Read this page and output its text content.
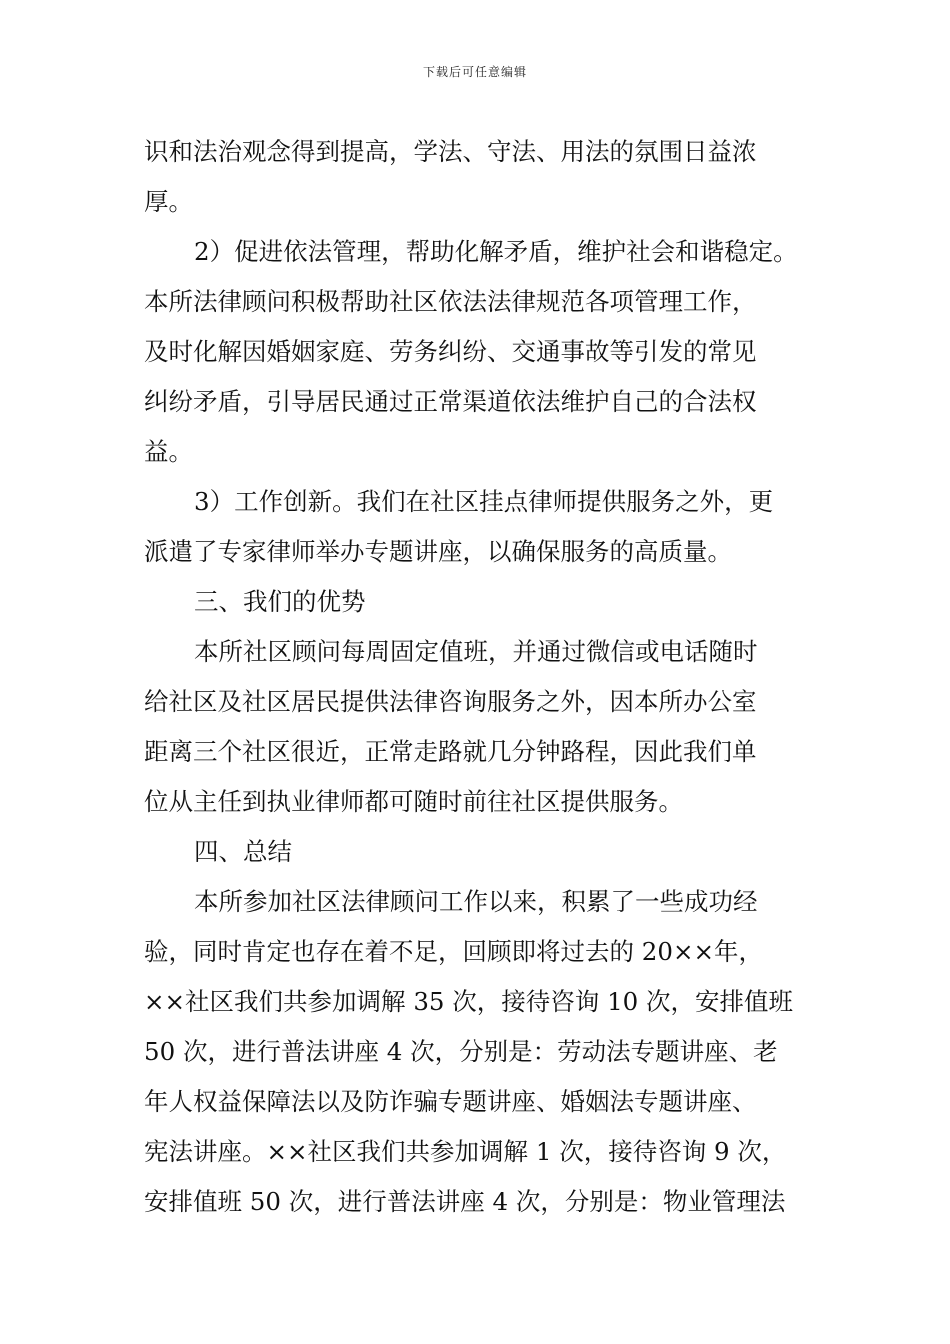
下载后可任意编辑
识和法治观念得到提高，学法、守法、用法的氛围日益浓
厚。
2）促进依法管理，帮助化解矛盾，维护社会和谐稳定。
本所法律顾问积极帮助社区依法法律规范各项管理工作，
及时化解因婚姻家庭、劳务纠纷、交通事故等引发的常见
纠纷矛盾，引导居民通过正常渠道依法维护自己的合法权
益。
3）工作创新。我们在社区挂点律师提供服务之外，更
派遣了专家律师举办专题讲座，以确保服务的高质量。
三、我们的优势
本所社区顾问每周固定值班，并通过微信或电话随时
给社区及社区居民提供法律咨询服务之外，因本所办公室
距离三个社区很近，正常走路就几分钟路程，因此我们单
位从主任到执业律师都可随时前往社区提供服务。
四、总结
本所参加社区法律顾问工作以来，积累了一些成功经
验，同时肯定也存在着不足，回顾即将过去的 20××年，
××社区我们共参加调解 35 次，接待咨询 10 次，安排值班
50 次，进行普法讲座 4 次，分别是：劳动法专题讲座、老
年人权益保障法以及防诈骗专题讲座、婚姻法专题讲座、
宪法讲座。××社区我们共参加调解 1 次，接待咨询 9 次，
安排值班 50 次，进行普法讲座 4 次，分别是：物业管理法
